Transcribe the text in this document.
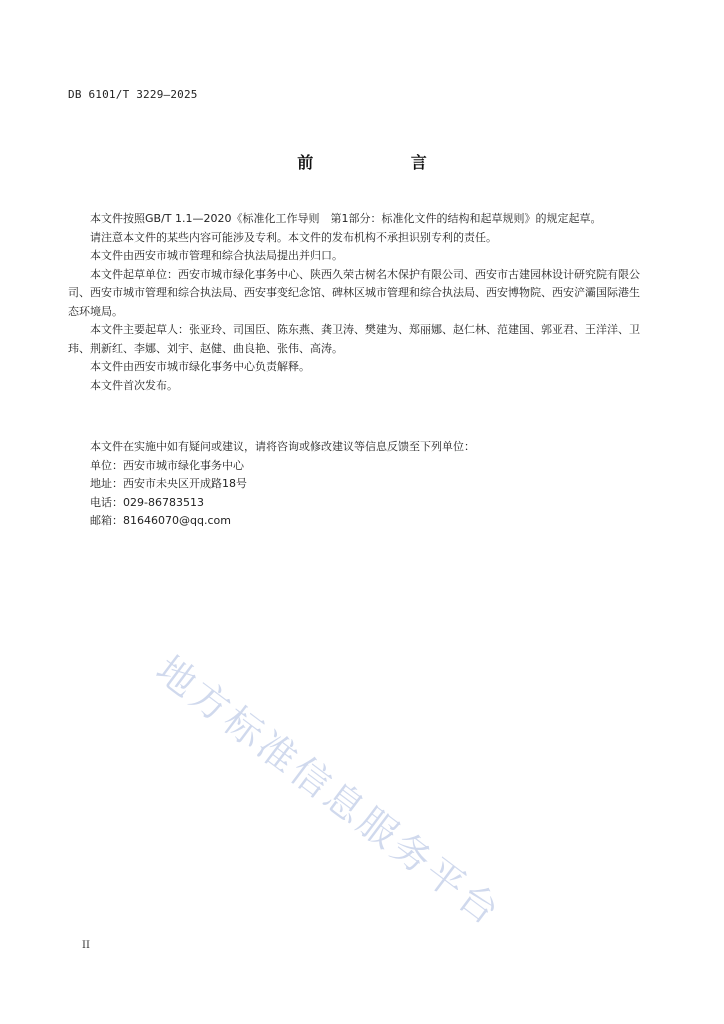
DB 6101/T 3229—2025
前 言

本文件按照GB/T 1.1—2020《标准化工作导则　第1部分：标准化文件的结构和起草规则》的规定起草。

请注意本文件的某些内容可能涉及专利。本文件的发布机构不承担识别专利的责任。

本文件由西安市城市管理和综合执法局提出并归口。

本文件起草单位：西安市城市绿化事务中心、陕西久荣古树名木保护有限公司、西安市古建园林设计研究院有限公司、西安市城市管理和综合执法局、西安事变纪念馆、碑林区城市管理和综合执法局、西安博物院、西安浐灞国际港生态环境局。

本文件主要起草人：张亚玲、司国臣、陈东燕、龚卫涛、樊建为、郑丽娜、赵仁林、范建国、郭亚君、王洋洋、卫玮、荆新红、李娜、刘宇、赵健、曲良艳、张伟、高涛。

本文件由西安市城市绿化事务中心负责解释。

本文件首次发布。

本文件在实施中如有疑问或建议，请将咨询或修改建议等信息反馈至下列单位：
单位：西安市城市绿化事务中心
地址：西安市未央区开成路18号
电话：029-86783513
邮箱：81646070@qq.com
地方标准信息服务平台
II
